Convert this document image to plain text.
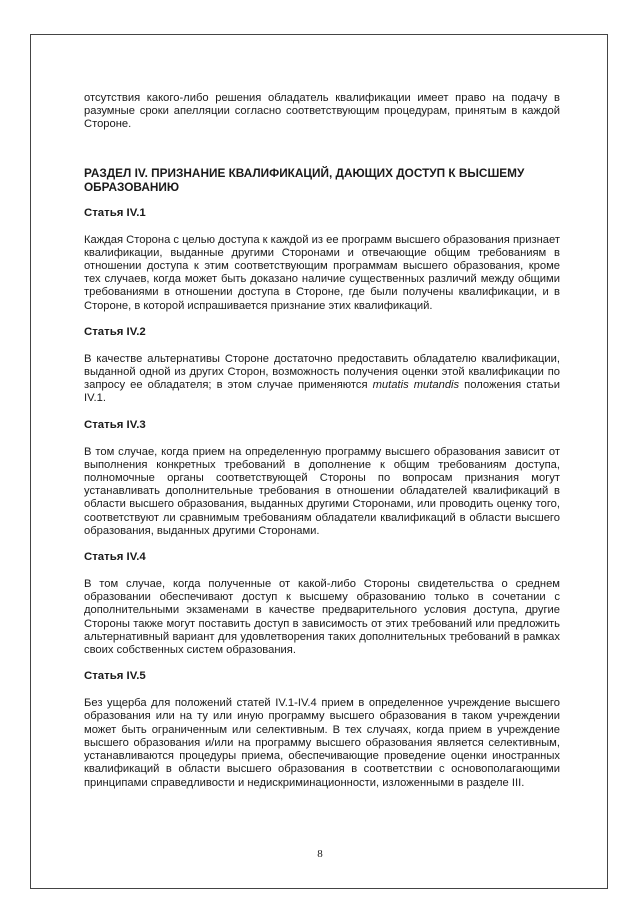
отсутствия какого-либо решения обладатель квалификации имеет право на подачу в разумные сроки апелляции согласно соответствующим процедурам, принятым в каждой Стороне.

РАЗДЕЛ IV. ПРИЗНАНИЕ КВАЛИФИКАЦИЙ, ДАЮЩИХ ДОСТУП К ВЫСШЕМУ ОБРАЗОВАНИЮ
Статья IV.1

Каждая Сторона с целью доступа к каждой из ее программ высшего образования признает квалификации, выданные другими Сторонами и отвечающие общим требованиям в отношении доступа к этим соответствующим программам высшего образования, кроме тех случаев, когда может быть доказано наличие существенных различий между общими требованиями в отношении доступа в Стороне, где были получены квалификации, и в Стороне, в которой испрашивается признание этих квалификаций.

Статья IV.2

В качестве альтернативы Стороне достаточно предоставить обладателю квалификации, выданной одной из других Сторон, возможность получения оценки этой квалификации по запросу ее обладателя; в этом случае применяются mutatis mutandis положения статьи IV.1.

Статья IV.3

В том случае, когда прием на определенную программу высшего образования зависит от выполнения конкретных требований в дополнение к общим требованиям доступа, полномочные органы соответствующей Стороны по вопросам признания могут устанавливать дополнительные требования в отношении обладателей квалификаций в области высшего образования, выданных другими Сторонами, или проводить оценку того, соответствуют ли сравнимым требованиям обладатели квалификаций в области высшего образования, выданных другими Сторонами.

Статья IV.4

В том случае, когда полученные от какой-либо Стороны свидетельства о среднем образовании обеспечивают доступ к высшему образованию только в сочетании с дополнительными экзаменами в качестве предварительного условия доступа, другие Стороны также могут поставить доступ в зависимость от этих требований или предложить альтернативный вариант для удовлетворения таких дополнительных требований в рамках своих собственных систем образования.

Статья IV.5

Без ущерба для положений статей IV.1-IV.4 прием в определенное учреждение высшего образования или на ту или иную программу высшего образования в таком учреждении может быть ограниченным или селективным. В тех случаях, когда прием в учреждение высшего образования и/или на программу высшего образования является селективным, устанавливаются процедуры приема, обеспечивающие проведение оценки иностранных квалификаций в области высшего образования в соответствии с основополагающими принципами справедливости и недискриминационности, изложенными в разделе III.

8
